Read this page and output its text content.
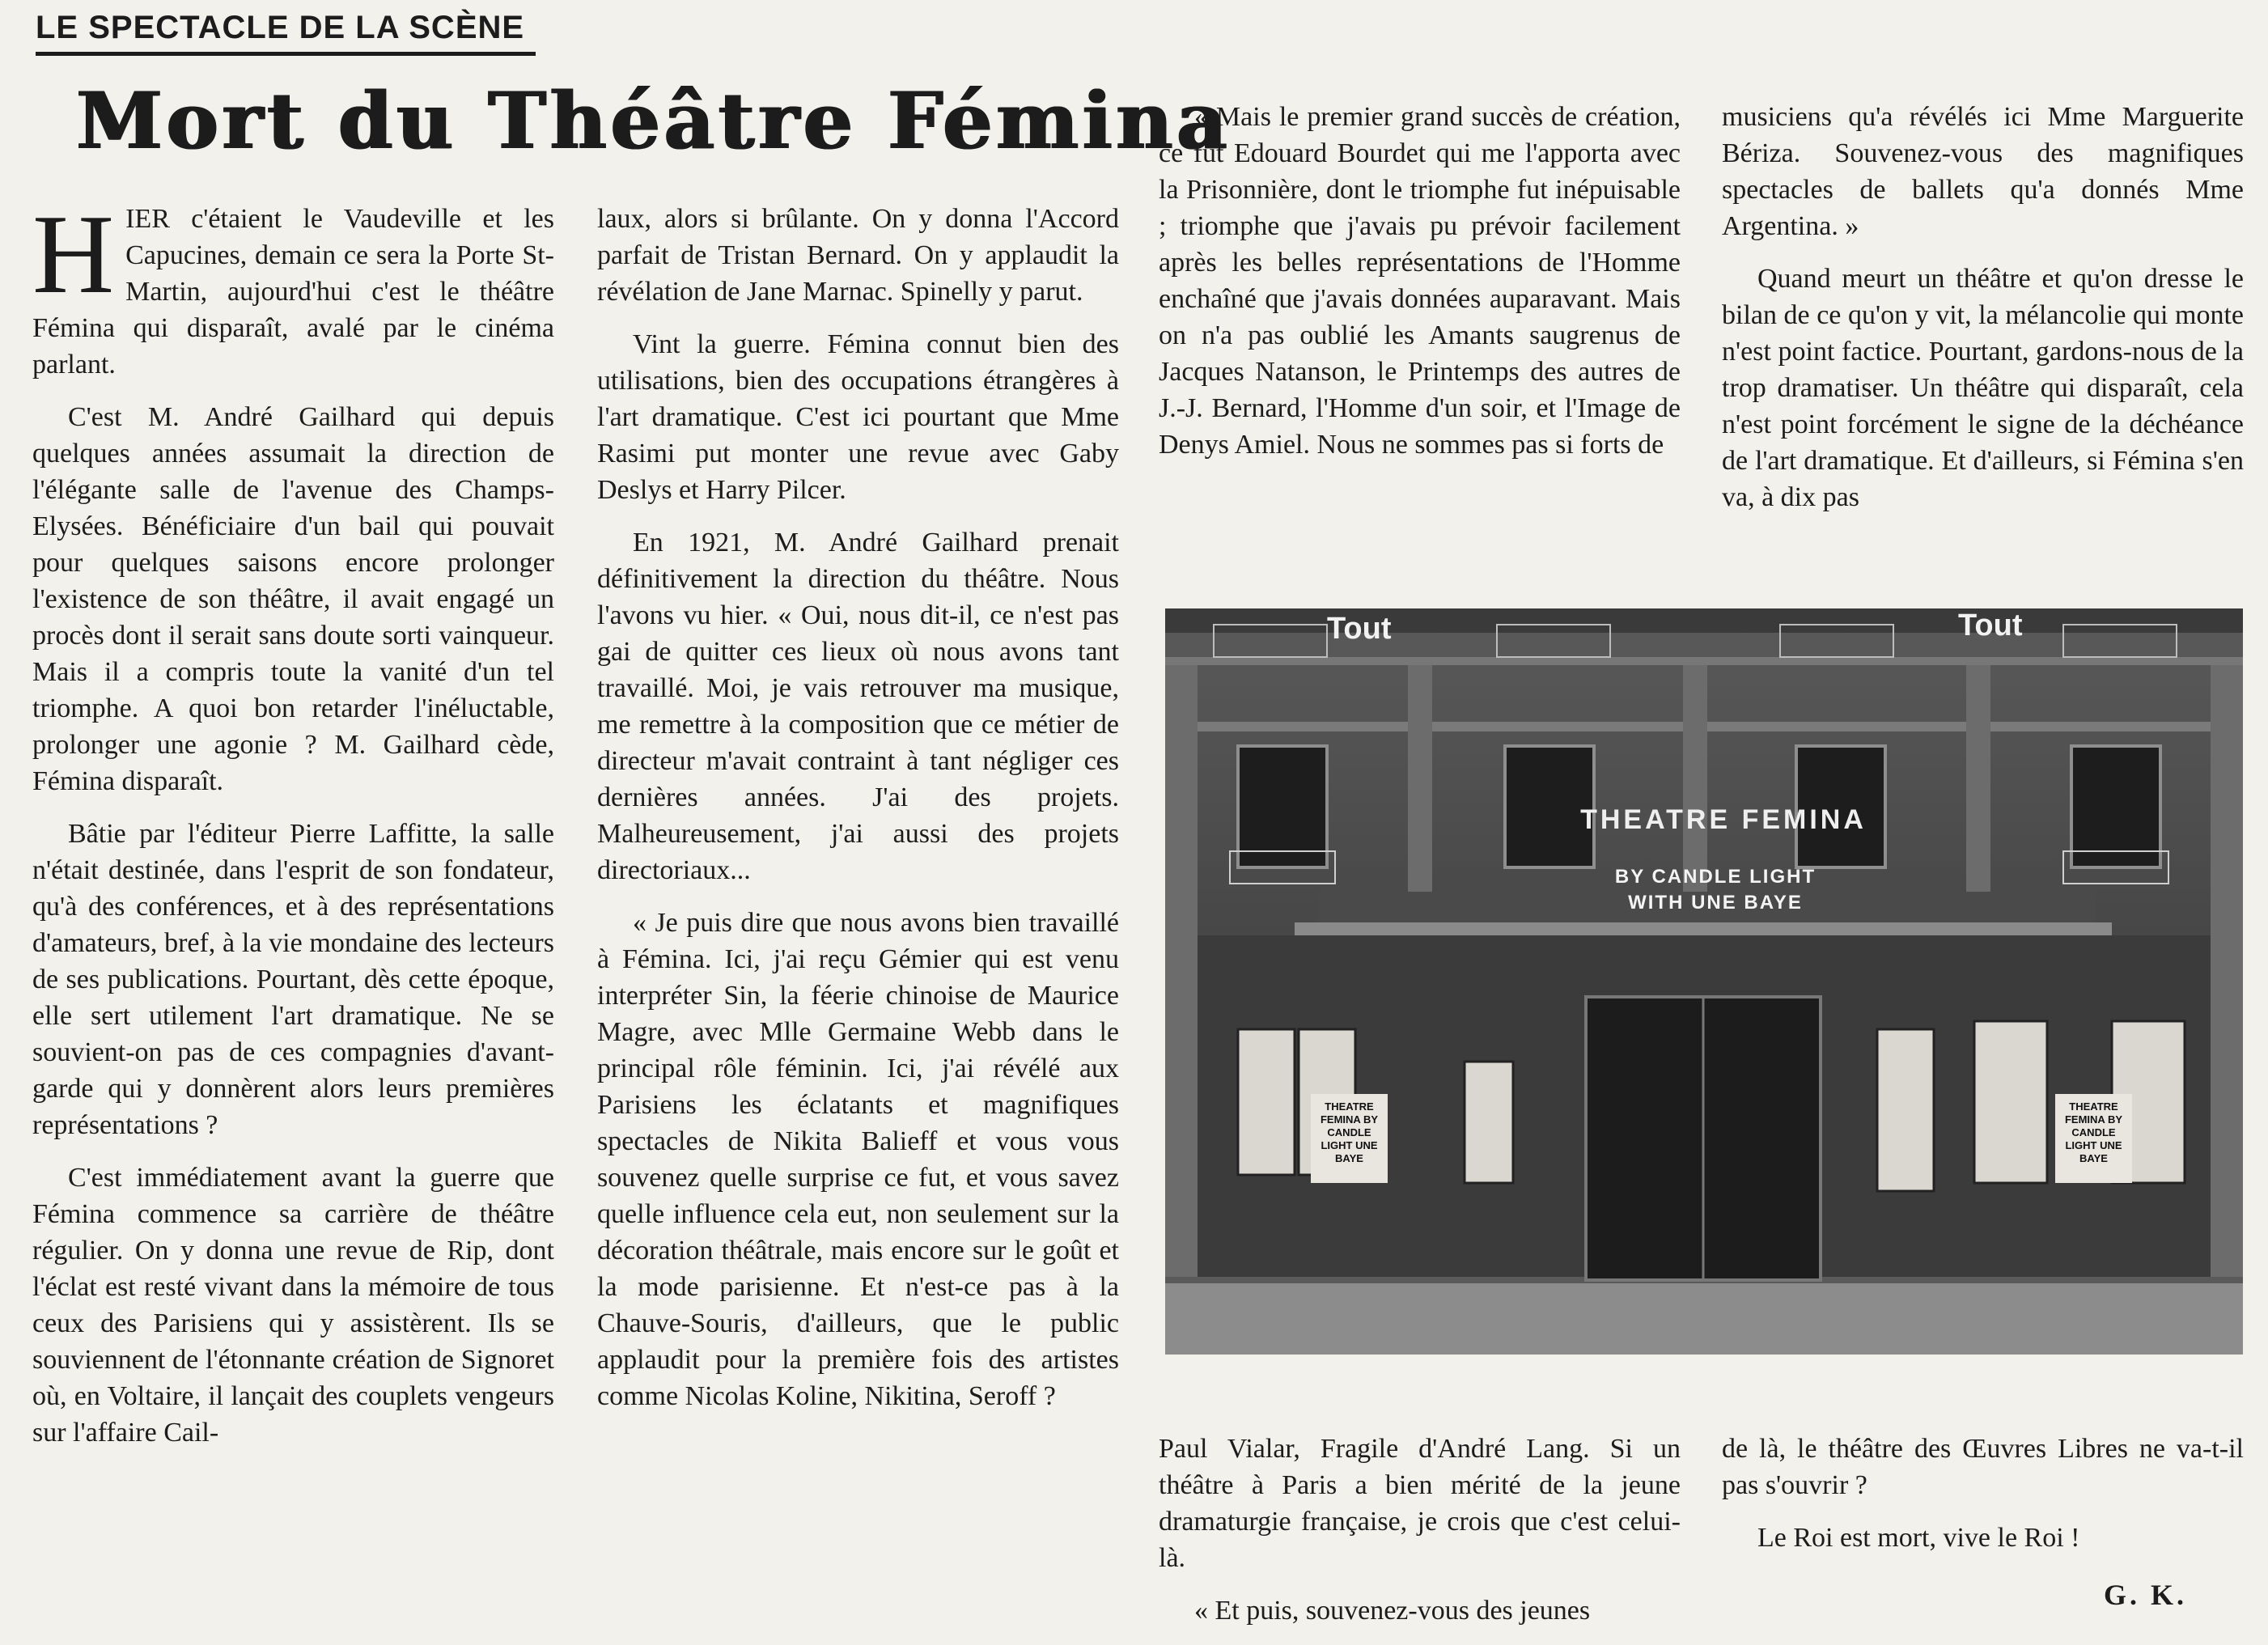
LE SPECTACLE DE LA SCÈNE
Mort du Théâtre Fémina

HIER c'étaient le Vaudeville et les Capucines, demain ce sera la Porte St-Martin, aujourd'hui c'est le théâtre Fémina qui disparaît, avalé par le cinéma parlant.

C'est M. André Gailhard qui depuis quelques années assumait la direction de l'élégante salle de l'avenue des Champs-Elysées. Bénéficiaire d'un bail qui pouvait pour quelques saisons encore prolonger l'existence de son théâtre, il avait engagé un procès dont il serait sans doute sorti vainqueur. Mais il a compris toute la vanité d'un tel triomphe. A quoi bon retarder l'inéluctable, prolonger une agonie ? M. Gailhard cède, Fémina disparaît.

Bâtie par l'éditeur Pierre Laffitte, la salle n'était destinée, dans l'esprit de son fondateur, qu'à des conférences, et à des représentations d'amateurs, bref, à la vie mondaine des lecteurs de ses publications. Pourtant, dès cette époque, elle sert utilement l'art dramatique. Ne se souvient-on pas de ces compagnies d'avant-garde qui y donnèrent alors leurs premières représentations ?

C'est immédiatement avant la guerre que Fémina commence sa carrière de théâtre régulier. On y donna une revue de Rip, dont l'éclat est resté vivant dans la mémoire de tous ceux des Parisiens qui y assistèrent. Ils se souviennent de l'étonnante création de Signoret où, en Voltaire, il lançait des couplets vengeurs sur l'affaire Cail-

laux, alors si brûlante. On y donna l'Accord parfait de Tristan Bernard. On y applaudit la révélation de Jane Marnac. Spinelly y parut.

Vint la guerre. Fémina connut bien des utilisations, bien des occupations étrangères à l'art dramatique. C'est ici pourtant que Mme Rasimi put monter une revue avec Gaby Deslys et Harry Pilcer.

En 1921, M. André Gailhard prenait définitivement la direction du théâtre. Nous l'avons vu hier. « Oui, nous dit-il, ce n'est pas gai de quitter ces lieux où nous avons tant travaillé. Moi, je vais retrouver ma musique, me remettre à la composition que ce métier de directeur m'avait contraint à tant négliger ces dernières années. J'ai des projets. Malheureusement, j'ai aussi des projets directoriaux...

« Je puis dire que nous avons bien travaillé à Fémina. Ici, j'ai reçu Gémier qui est venu interpréter Sin, la féerie chinoise de Maurice Magre, avec Mlle Germaine Webb dans le principal rôle féminin. Ici, j'ai révélé aux Parisiens les éclatants et magnifiques spectacles de Nikita Balieff et vous vous souvenez quelle surprise ce fut, et vous savez quelle influence cela eut, non seulement sur la décoration théâtrale, mais encore sur le goût et la mode parisienne. Et n'est-ce pas à la Chauve-Souris, d'ailleurs, que le public applaudit pour la première fois des artistes comme Nicolas Koline, Nikitina, Seroff ?

« Mais le premier grand succès de création, ce fut Edouard Bourdet qui me l'apporta avec la Prisonnière, dont le triomphe fut inépuisable ; triomphe que j'avais pu prévoir facilement après les belles représentations de l'Homme enchaîné que j'avais données auparavant. Mais on n'a pas oublié les Amants saugrenus de Jacques Natanson, le Printemps des autres de J.-J. Bernard, l'Homme d'un soir, et l'Image de Denys Amiel. Nous ne sommes pas si forts de

musiciens qu'a révélés ici Mme Marguerite Bériza. Souvenez-vous des magnifiques spectacles de ballets qu'a donnés Mme Argentina. »

Quand meurt un théâtre et qu'on dresse le bilan de ce qu'on y vit, la mélancolie qui monte n'est point factice. Pourtant, gardons-nous de la trop dramatiser. Un théâtre qui disparaît, cela n'est point forcément le signe de la déchéance de l'art dramatique. Et d'ailleurs, si Fémina s'en va, à dix pas

Tout	Tout
THEATRE FEMINA
BY CANDLE LIGHT
WITH UNE BAYE
THEATRE FEMINA BY CANDLE LIGHT UNE BAYE
THEATRE FEMINA BY CANDLE LIGHT UNE BAYE

Paul Vialar, Fragile d'André Lang. Si un théâtre à Paris a bien mérité de la jeune dramaturgie française, je crois que c'est celui-là.

« Et puis, souvenez-vous des jeunes

de là, le théâtre des Œuvres Libres ne va-t-il pas s'ouvrir ?

Le Roi est mort, vive le Roi !

G. K.
